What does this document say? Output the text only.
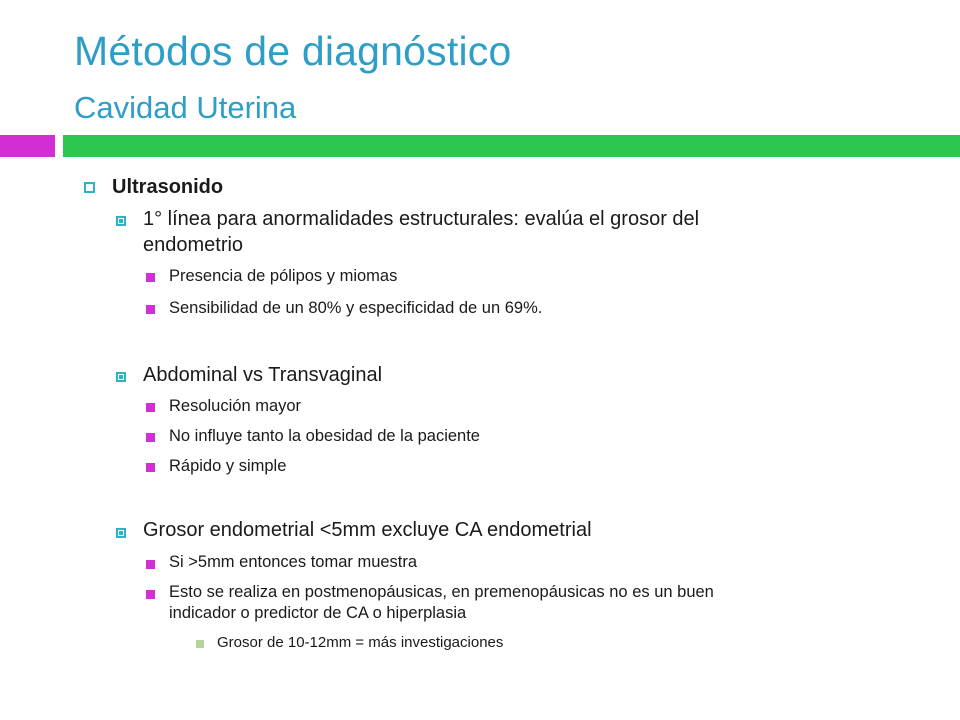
Métodos de diagnóstico
Cavidad Uterina
Ultrasonido
1° línea para anormalidades estructurales: evalúa el grosor del
endometrio
Presencia de pólipos y miomas
Sensibilidad de un 80% y especificidad de un 69%.
Abdominal vs Transvaginal
Resolución mayor
No influye tanto la obesidad de la paciente
Rápido y simple
Grosor endometrial <5mm excluye CA endometrial
Si >5mm entonces tomar muestra
Esto se realiza en postmenopáusicas, en premenopáusicas no es un buen
indicador o predictor de CA o hiperplasia
Grosor de 10-12mm = más investigaciones
